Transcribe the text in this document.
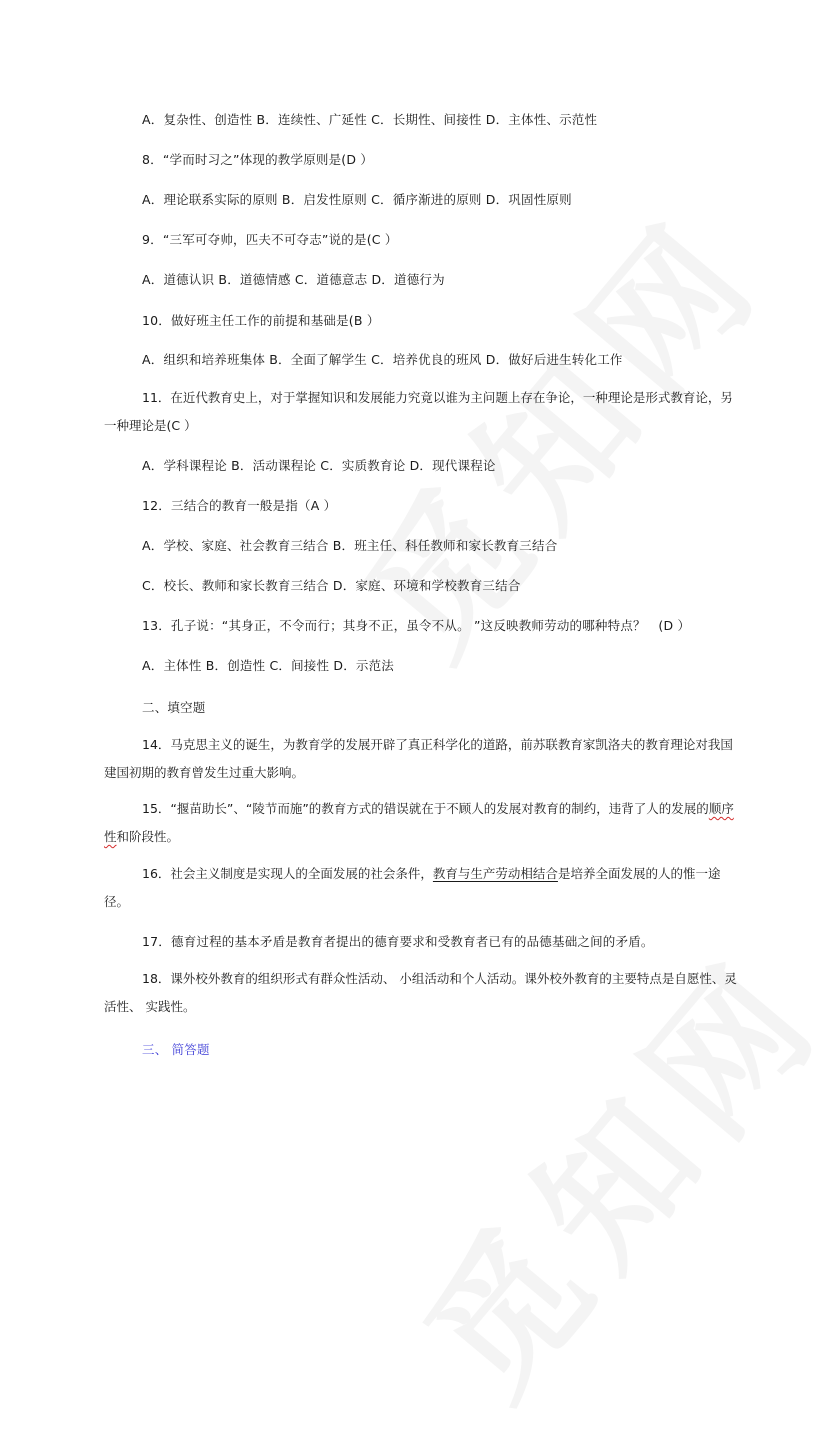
A．复杂性、创造性 B．连续性、广延性 C．长期性、间接性 D．主体性、示范性
8．“学而时习之”体现的教学原则是(D ）
A．理论联系实际的原则 B．启发性原则 C．循序渐进的原则 D．巩固性原则
9．“三军可夺帅，匹夫不可夺志”说的是(C ）
A．道德认识 B．道德情感 C．道德意志 D．道德行为
10．做好班主任工作的前提和基础是(B ）
A．组织和培养班集体 B．全面了解学生 C．培养优良的班风 D．做好后进生转化工作
11．在近代教育史上，对于掌握知识和发展能力究竟以谁为主问题上存在争论，一种理论是形式教育论，另一种理论是(C ）
A．学科课程论 B．活动课程论 C．实质教育论 D．现代课程论
12．三结合的教育一般是指（A ）
A．学校、家庭、社会教育三结合 B．班主任、科任教师和家长教育三结合
C．校长、教师和家长教育三结合 D．家庭、环境和学校教育三结合
13．孔子说：“其身正，不令而行；其身不正，虽令不从。 ”这反映教师劳动的哪种特点？　(D ）
A．主体性 B．创造性 C．间接性 D．示范法
二、填空题
14．马克思主义的诞生，为教育学的发展开辟了真正科学化的道路，前苏联教育家凯洛夫的教育理论对我国建国初期的教育曾发生过重大影响。
15．“揠苗助长”、“陵节而施”的教育方式的错误就在于不顾人的发展对教育的制约，违背了人的发展的顺序性和阶段性。
16．社会主义制度是实现人的全面发展的社会条件，教育与生产劳动相结合是培养全面发展的人的惟一途径。
17．德育过程的基本矛盾是教育者提出的德育要求和受教育者已有的品德基础之间的矛盾。
18．课外校外教育的组织形式有群众性活动、 小组活动和个人活动。课外校外教育的主要特点是自愿性、灵活性、 实践性。
三、 简答题
